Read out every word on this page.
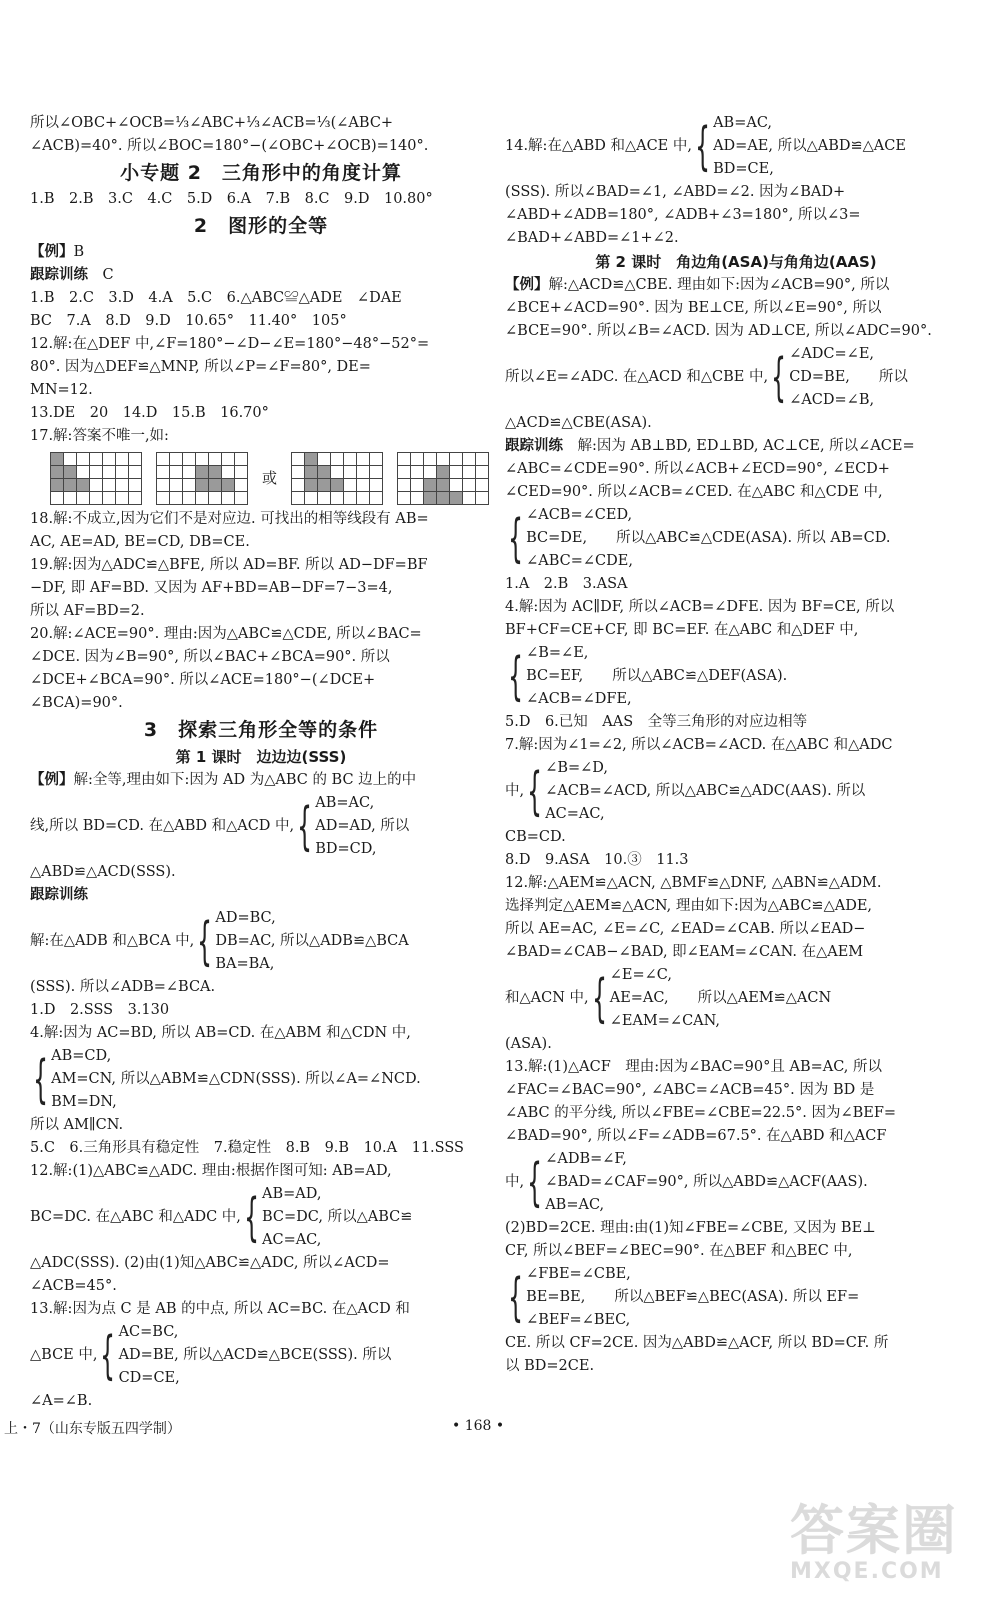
所以∠OBC+∠OCB=⅓∠ABC+⅓∠ACB=⅓(∠ABC+
∠ACB)=40°. 所以∠BOC=180°−(∠OBC+∠OCB)=140°.
小专题 2　三角形中的角度计算
1.B　2.B　3.C　4.C　5.D　6.A　7.B　8.C　9.D　10.80°
2　图形的全等
【例】B
跟踪训练　 C
1.B　2.C　3.D　4.A　5.C　6.△ABC≌△ADE　∠DAE
BC　7.A　8.D　9.D　10.65°　11.40°　105°
12.解:在△DEF 中,∠F=180°−∠D−∠E=180°−48°−52°=
80°. 因为△DEF≌△MNP, 所以∠P=∠F=80°, DE=
MN=12.
13.DE　20　14.D　15.B　16.70°
17.解:答案不唯一,如:
或
18.解:不成立,因为它们不是对应边. 可找出的相等线段有 AB=
AC, AE=AD, BE=CD, DB=CE.
19.解:因为△ADC≌△BFE, 所以 AD=BF. 所以 AD−DF=BF
−DF, 即 AF=BD. 又因为 AF+BD=AB−DF=7−3=4,
所以 AF=BD=2.
20.解:∠ACE=90°. 理由:因为△ABC≌△CDE, 所以∠BAC=
∠DCE. 因为∠B=90°, 所以∠BAC+∠BCA=90°. 所以
∠DCE+∠BCA=90°. 所以∠ACE=180°−(∠DCE+
∠BCA)=90°.
3　探索三角形全等的条件
第 1 课时　边边边(SSS)
【例】解:全等,理由如下:因为 AD 为△ABC 的 BC 边上的中
线,所以 BD=CD. 在△ABD 和△ACD 中, { AB=AC,
AD=AD, 所以
BD=CD,
△ABD≌△ACD(SSS).
跟踪训练
解:在△ADB 和△BCA 中, { AD=BC,
DB=AC, 所以△ADB≌△BCA
BA=BA,
(SSS). 所以∠ADB=∠BCA.
1.D　2.SSS　3.130
4.解:因为 AC=BD, 所以 AB=CD. 在△ABM 和△CDN 中,
{ AB=CD,
AM=CN, 所以△ABM≌△CDN(SSS). 所以∠A=∠NCD.
BM=DN,
所以 AM∥CN.
5.C　6.三角形具有稳定性　7.稳定性　8.B　9.B　10.A　11.SSS
12.解:(1)△ABC≌△ADC. 理由:根据作图可知: AB=AD,
BC=DC. 在△ABC 和△ADC 中, { AB=AD,
BC=DC, 所以△ABC≌
AC=AC,
△ADC(SSS). (2)由(1)知△ABC≌△ADC, 所以∠ACD=
∠ACB=45°.
13.解:因为点 C 是 AB 的中点, 所以 AC=BC. 在△ACD 和
△BCE 中, { AC=BC,
AD=BE, 所以△ACD≌△BCE(SSS). 所以
CD=CE,
∠A=∠B.
14.解:在△ABD 和△ACE 中, { AB=AC,
AD=AE, 所以△ABD≌△ACE
BD=CE,
(SSS). 所以∠BAD=∠1, ∠ABD=∠2. 因为∠BAD+
∠ABD+∠ADB=180°, ∠ADB+∠3=180°, 所以∠3=
∠BAD+∠ABD=∠1+∠2.
第 2 课时　角边角(ASA)与角角边(AAS)
【例】解:△ACD≌△CBE. 理由如下:因为∠ACB=90°, 所以
∠BCE+∠ACD=90°. 因为 BE⊥CE, 所以∠E=90°, 所以
∠BCE=90°. 所以∠B=∠ACD. 因为 AD⊥CE, 所以∠ADC=90°.
所以∠E=∠ADC. 在△ACD 和△CBE 中, { ∠ADC=∠E,
CD=BE,　　所以
∠ACD=∠B,
△ACD≌△CBE(ASA).
跟踪训练　 解:因为 AB⊥BD, ED⊥BD, AC⊥CE, 所以∠ACE=
∠ABC=∠CDE=90°. 所以∠ACB+∠ECD=90°, ∠ECD+
∠CED=90°. 所以∠ACB=∠CED. 在△ABC 和△CDE 中,
{ ∠ACB=∠CED,
BC=DE,　　所以△ABC≌△CDE(ASA). 所以 AB=CD.
∠ABC=∠CDE,
1.A　2.B　3.ASA
4.解:因为 AC∥DF, 所以∠ACB=∠DFE. 因为 BF=CE, 所以
BF+CF=CE+CF, 即 BC=EF. 在△ABC 和△DEF 中,
{ ∠B=∠E,
BC=EF,　　所以△ABC≌△DEF(ASA).
∠ACB=∠DFE,
5.D　6.已知　AAS　全等三角形的对应边相等
7.解:因为∠1=∠2, 所以∠ACB=∠ACD. 在△ABC 和△ADC
中, { ∠B=∠D,
∠ACB=∠ACD, 所以△ABC≌△ADC(AAS). 所以
AC=AC,
CB=CD.
8.D　9.ASA　10.③　11.3
12.解:△AEM≌△ACN, △BMF≌△DNF, △ABN≌△ADM.
选择判定△AEM≌△ACN, 理由如下:因为△ABC≌△ADE,
所以 AE=AC, ∠E=∠C, ∠EAD=∠CAB. 所以∠EAD−
∠BAD=∠CAB−∠BAD, 即∠EAM=∠CAN. 在△AEM
和△ACN 中, { ∠E=∠C,
AE=AC,　　所以△AEM≌△ACN
∠EAM=∠CAN,
(ASA).
13.解:(1)△ACF　理由:因为∠BAC=90°且 AB=AC, 所以
∠FAC=∠BAC=90°, ∠ABC=∠ACB=45°. 因为 BD 是
∠ABC 的平分线, 所以∠FBE=∠CBE=22.5°. 因为∠BEF=
∠BAD=90°, 所以∠F=∠ADB=67.5°. 在△ABD 和△ACF
中, { ∠ADB=∠F,
∠BAD=∠CAF=90°, 所以△ABD≌△ACF(AAS).
AB=AC,
(2)BD=2CE. 理由:由(1)知∠FBE=∠CBE, 又因为 BE⊥
CF, 所以∠BEF=∠BEC=90°. 在△BEF 和△BEC 中,
{ ∠FBE=∠CBE,
BE=BE,　　所以△BEF≌△BEC(ASA). 所以 EF=
∠BEF=∠BEC,
CE. 所以 CF=2CE. 因为△ABD≌△ACF, 所以 BD=CF. 所
以 BD=2CE.
上・7（山东专版五四学制）	• 168 •
答案圈
MXQE.COM
